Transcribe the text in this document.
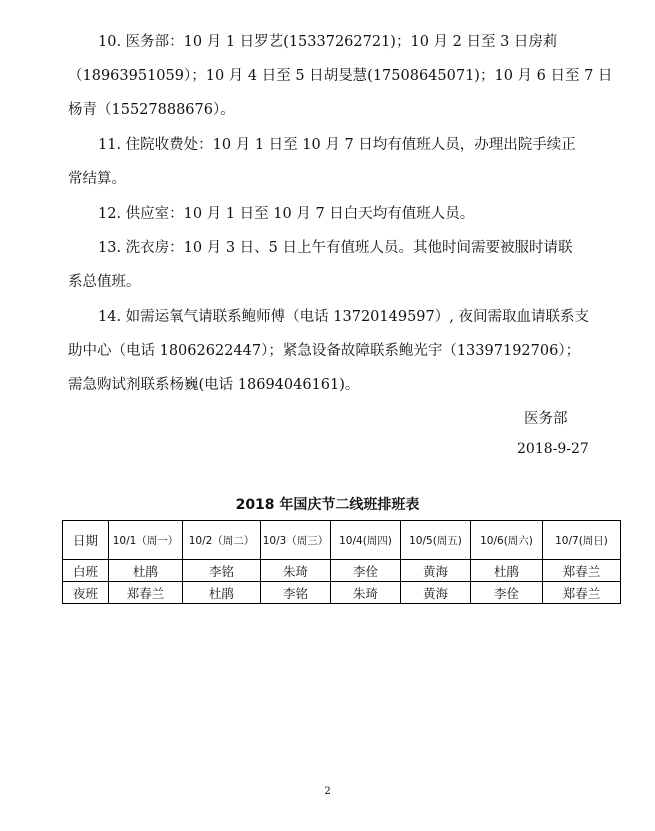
10. 医务部：10 月 1 日罗艺(15337262721)；10 月 2 日至 3 日房莉
（18963951059）；10 月 4 日至 5 日胡旻慧(17508645071)；10 月 6 日至 7 日
杨青（15527888676）。
11. 住院收费处：10 月 1 日至 10 月 7 日均有值班人员，办理出院手续正
常结算。
12. 供应室：10 月 1 日至 10 月 7 日白天均有值班人员。
13. 洗衣房：10 月 3 日、5 日上午有值班人员。其他时间需要被服时请联
系总值班。
14. 如需运氧气请联系鲍师傅（电话 13720149597）, 夜间需取血请联系支
助中心（电话 18062622447）；紧急设备故障联系鲍光宇（13397192706）；
需急购试剂联系杨巍(电话 18694046161)。
医务部
2018-9-27
2018 年国庆节二线班排班表
日期	10/1（周一）	10/2（周二）	10/3（周三）	10/4(周四)	10/5(周五)	10/6(周六)	10/7(周日)
白班	杜鹃	李铭	朱琦	李佺	黄海	杜鹃	郑春兰
夜班	郑春兰	杜鹃	李铭	朱琦	黄海	李佺	郑春兰
2
